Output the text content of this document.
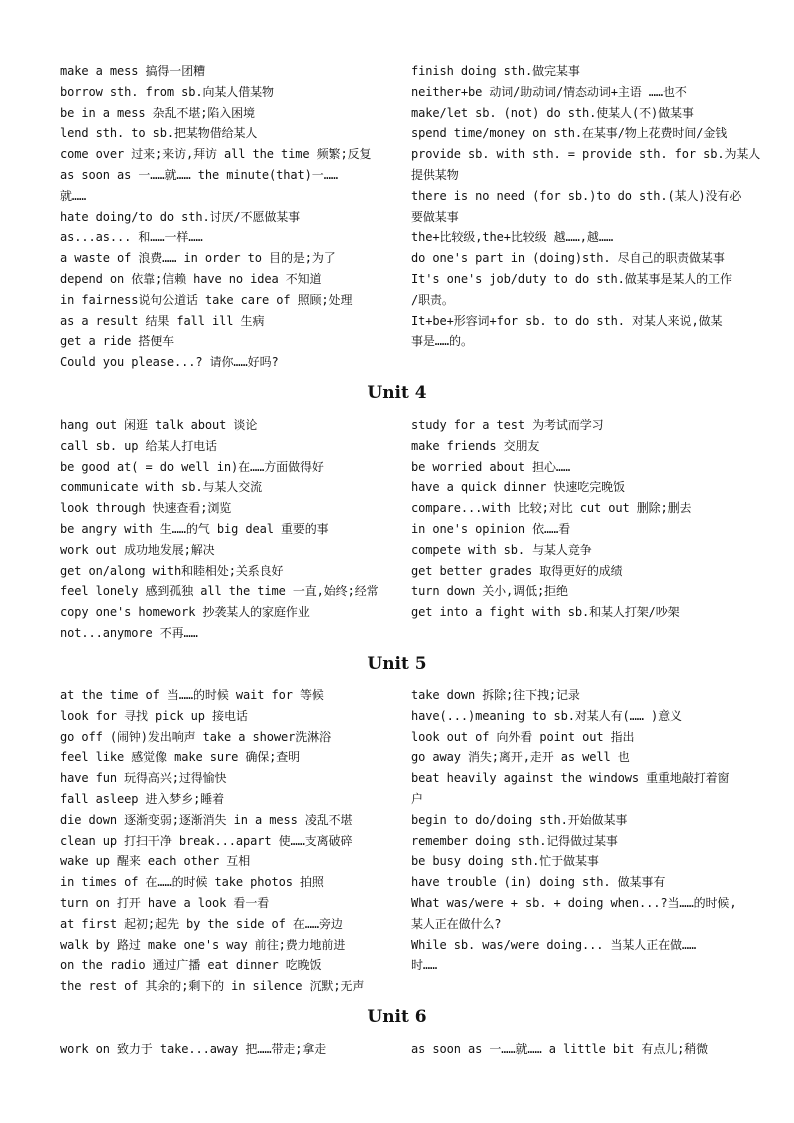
make a mess 搞得一团糟
borrow sth. from sb.向某人借某物
be in a mess 杂乱不堪;陷入困境
lend sth. to sb.把某物借给某人
come over 过来;来访,拜访 all the time 频繁;反复
as soon as 一……就…… the minute(that)一……
就……
hate doing/to do sth.讨厌/不愿做某事
as...as... 和……一样……
a waste of 浪费…… in order to 目的是;为了
depend on 依靠;信赖 have no idea 不知道
in fairness说句公道话 take care of 照顾;处理
as a result 结果 fall ill 生病
get a ride 搭便车
Could you please...? 请你……好吗?
finish doing sth.做完某事
neither+be 动词/助动词/情态动词+主语 ……也不
make/let sb. (not) do sth.使某人(不)做某事
spend time/money on sth.在某事/物上花费时间/金钱
provide sb. with sth. = provide sth. for sb.为某人
提供某物
there is no need (for sb.)to do sth.(某人)没有必
要做某事
the+比较级,the+比较级 越……,越……
do one's part in (doing)sth. 尽自己的职责做某事
It's one's job/duty to do sth.做某事是某人的工作
/职责。
It+be+形容词+for sb. to do sth. 对某人来说,做某
事是……的。
Unit 4
hang out 闲逛 talk about 谈论
call sb. up 给某人打电话
be good at( = do well in)在……方面做得好
communicate with sb.与某人交流
look through 快速查看;浏览
be angry with 生……的气 big deal 重要的事
work out 成功地发展;解决
get on/along with和睦相处;关系良好
feel lonely 感到孤独 all the time 一直,始终;经常
copy one's homework 抄袭某人的家庭作业
not...anymore 不再……
study for a test 为考试而学习
make friends 交朋友
be worried about 担心……
have a quick dinner 快速吃完晚饭
compare...with 比较;对比 cut out 删除;删去
in one's opinion 依……看
compete with sb. 与某人竞争
get better grades 取得更好的成绩
turn down 关小,调低;拒绝
get into a fight with sb.和某人打架/吵架
Unit 5
at the time of 当……的时候 wait for 等候
look for 寻找 pick up 接电话
go off (闹钟)发出响声 take a shower洗淋浴
feel like 感觉像 make sure 确保;查明
have fun 玩得高兴;过得愉快
fall asleep 进入梦乡;睡着
die down 逐渐变弱;逐渐消失 in a mess 凌乱不堪
clean up 打扫干净 break...apart 使……支离破碎
wake up 醒来 each other 互相
in times of 在……的时候 take photos 拍照
turn on 打开 have a look 看一看
at first 起初;起先 by the side of 在……旁边
walk by 路过 make one's way 前往;费力地前进
on the radio 通过广播 eat dinner 吃晚饭
the rest of 其余的;剩下的 in silence 沉默;无声
take down 拆除;往下拽;记录
have(...)meaning to sb.对某人有(…… )意义
look out of 向外看 point out 指出
go away 消失;离开,走开 as well 也
beat heavily against the windows 重重地敲打着窗
户
begin to do/doing sth.开始做某事
remember doing sth.记得做过某事
be busy doing sth.忙于做某事
have trouble (in) doing sth. 做某事有
What was/were + sb. + doing when...?当……的时候,
某人正在做什么?
While sb. was/were doing... 当某人正在做……
时……
Unit 6
work on 致力于 take...away 把……带走;拿走	as soon as 一……就…… a little bit 有点儿;稍微
